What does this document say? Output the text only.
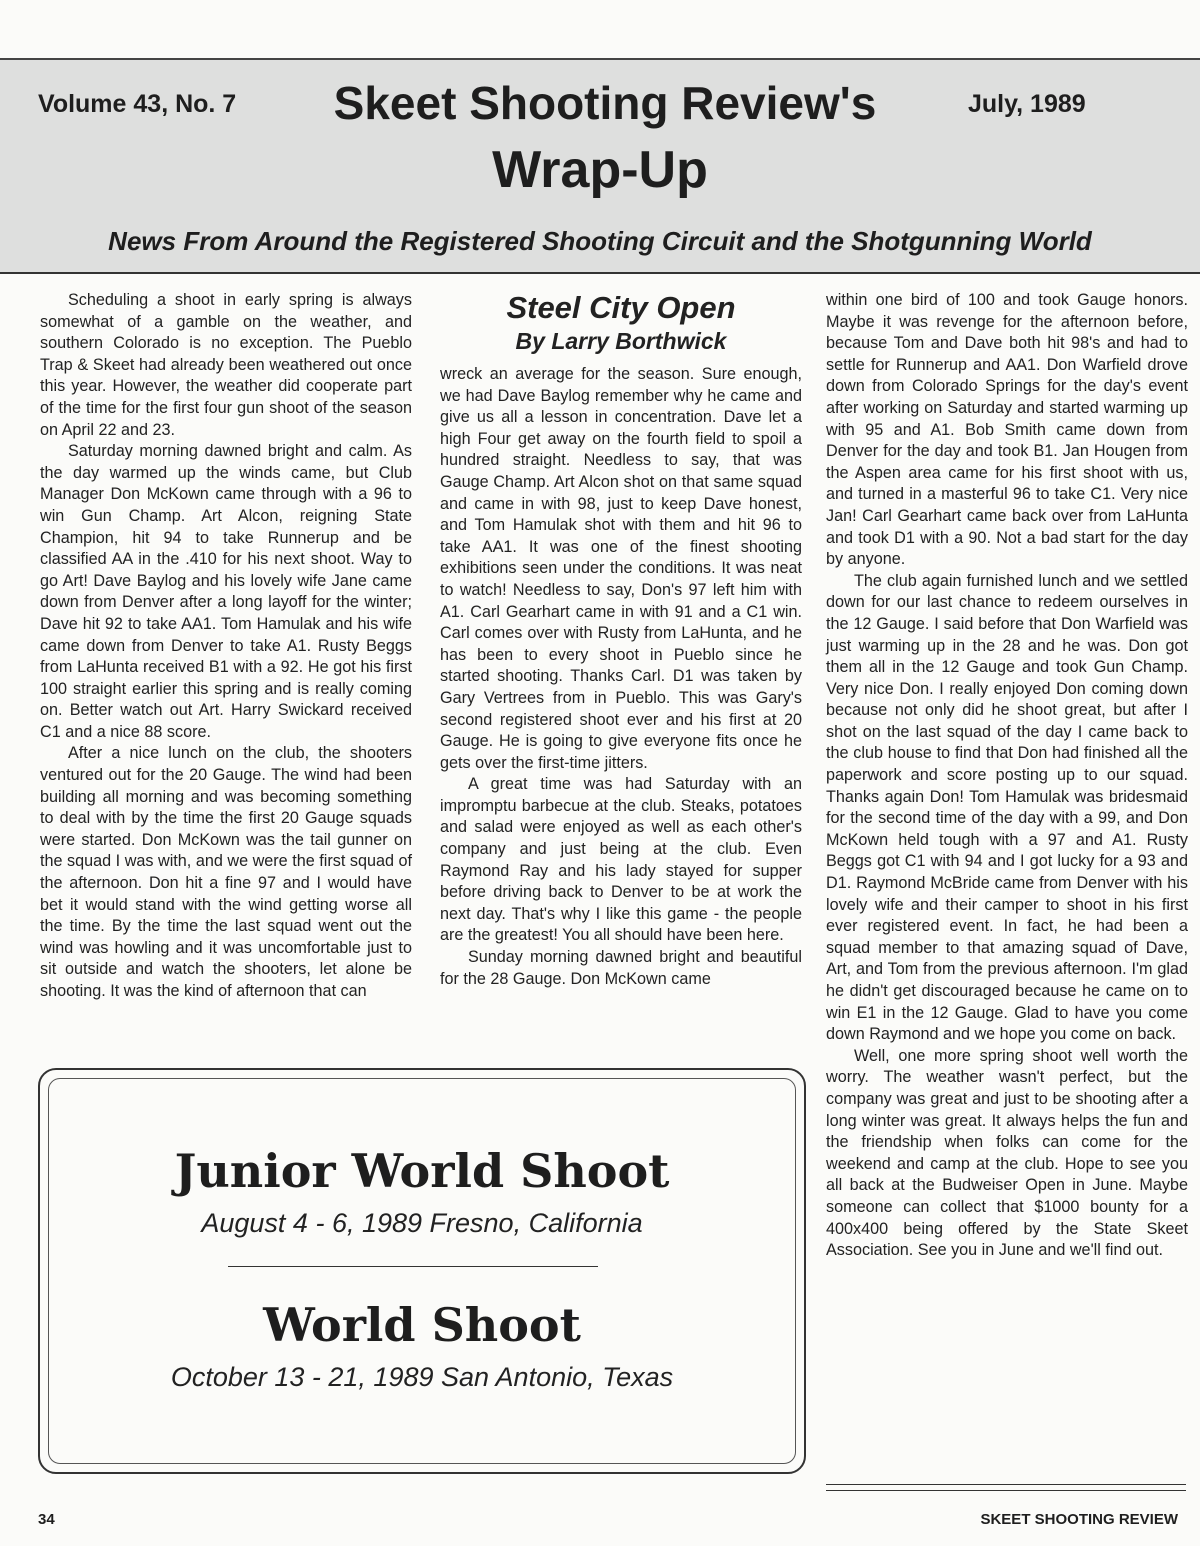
Volume 43, No. 7	Skeet Shooting Review's
Wrap-Up
July, 1989
News From Around the Registered Shooting Circuit and the Shotgunning World

Scheduling a shoot in early spring is always somewhat of a gamble on the weather, and southern Colorado is no exception. The Pueblo Trap & Skeet had already been weathered out once this year. However, the weather did cooperate part of the time for the first four gun shoot of the season on April 22 and 23.

Saturday morning dawned bright and calm. As the day warmed up the winds came, but Club Manager Don McKown came through with a 96 to win Gun Champ. Art Alcon, reigning State Champion, hit 94 to take Runnerup and be classified AA in the .410 for his next shoot. Way to go Art! Dave Baylog and his lovely wife Jane came down from Denver after a long layoff for the winter; Dave hit 92 to take AA1. Tom Hamulak and his wife came down from Denver to take A1. Rusty Beggs from LaHunta received B1 with a 92. He got his first 100 straight earlier this spring and is really coming on. Better watch out Art. Harry Swickard received C1 and a nice 88 score.

After a nice lunch on the club, the shooters ventured out for the 20 Gauge. The wind had been building all morning and was becoming something to deal with by the time the first 20 Gauge squads were started. Don McKown was the tail gunner on the squad I was with, and we were the first squad of the afternoon. Don hit a fine 97 and I would have bet it would stand with the wind getting worse all the time. By the time the last squad went out the wind was howling and it was uncomfortable just to sit outside and watch the shooters, let alone be shooting. It was the kind of afternoon that can

Steel City Open
By Larry Borthwick

wreck an average for the season. Sure enough, we had Dave Baylog remember why he came and give us all a lesson in concentration. Dave let a high Four get away on the fourth field to spoil a hundred straight. Needless to say, that was Gauge Champ. Art Alcon shot on that same squad and came in with 98, just to keep Dave honest, and Tom Hamulak shot with them and hit 96 to take AA1. It was one of the finest shooting exhibitions seen under the conditions. It was neat to watch! Needless to say, Don's 97 left him with A1. Carl Gearhart came in with 91 and a C1 win. Carl comes over with Rusty from LaHunta, and he has been to every shoot in Pueblo since he started shooting. Thanks Carl. D1 was taken by Gary Vertrees from in Pueblo. This was Gary's second registered shoot ever and his first at 20 Gauge. He is going to give everyone fits once he gets over the first-time jitters.

A great time was had Saturday with an impromptu barbecue at the club. Steaks, potatoes and salad were enjoyed as well as each other's company and just being at the club. Even Raymond Ray and his lady stayed for supper before driving back to Denver to be at work the next day. That's why I like this game - the people are the greatest! You all should have been here.

Sunday morning dawned bright and beautiful for the 28 Gauge. Don McKown came

within one bird of 100 and took Gauge honors. Maybe it was revenge for the afternoon before, because Tom and Dave both hit 98's and had to settle for Runnerup and AA1. Don Warfield drove down from Colorado Springs for the day's event after working on Saturday and started warming up with 95 and A1. Bob Smith came down from Denver for the day and took B1. Jan Hougen from the Aspen area came for his first shoot with us, and turned in a masterful 96 to take C1. Very nice Jan! Carl Gearhart came back over from LaHunta and took D1 with a 90. Not a bad start for the day by anyone.

The club again furnished lunch and we settled down for our last chance to redeem ourselves in the 12 Gauge. I said before that Don Warfield was just warming up in the 28 and he was. Don got them all in the 12 Gauge and took Gun Champ. Very nice Don. I really enjoyed Don coming down because not only did he shoot great, but after I shot on the last squad of the day I came back to the club house to find that Don had finished all the paperwork and score posting up to our squad. Thanks again Don! Tom Hamulak was bridesmaid for the second time of the day with a 99, and Don McKown held tough with a 97 and A1. Rusty Beggs got C1 with 94 and I got lucky for a 93 and D1. Raymond McBride came from Denver with his lovely wife and their camper to shoot in his first ever registered event. In fact, he had been a squad member to that amazing squad of Dave, Art, and Tom from the previous afternoon. I'm glad he didn't get discouraged because he came on to win E1 in the 12 Gauge. Glad to have you come down Raymond and we hope you come on back.

Well, one more spring shoot well worth the worry. The weather wasn't perfect, but the company was great and just to be shooting after a long winter was great. It always helps the fun and the friendship when folks can come for the weekend and camp at the club. Hope to see you all back at the Budweiser Open in June. Maybe someone can collect that $1000 bounty for a 400x400 being offered by the State Skeet Association. See you in June and we'll find out.

Junior World Shoot
August 4 - 6, 1989 Fresno, California
World Shoot
October 13 - 21, 1989 San Antonio, Texas
34	SKEET SHOOTING REVIEW
